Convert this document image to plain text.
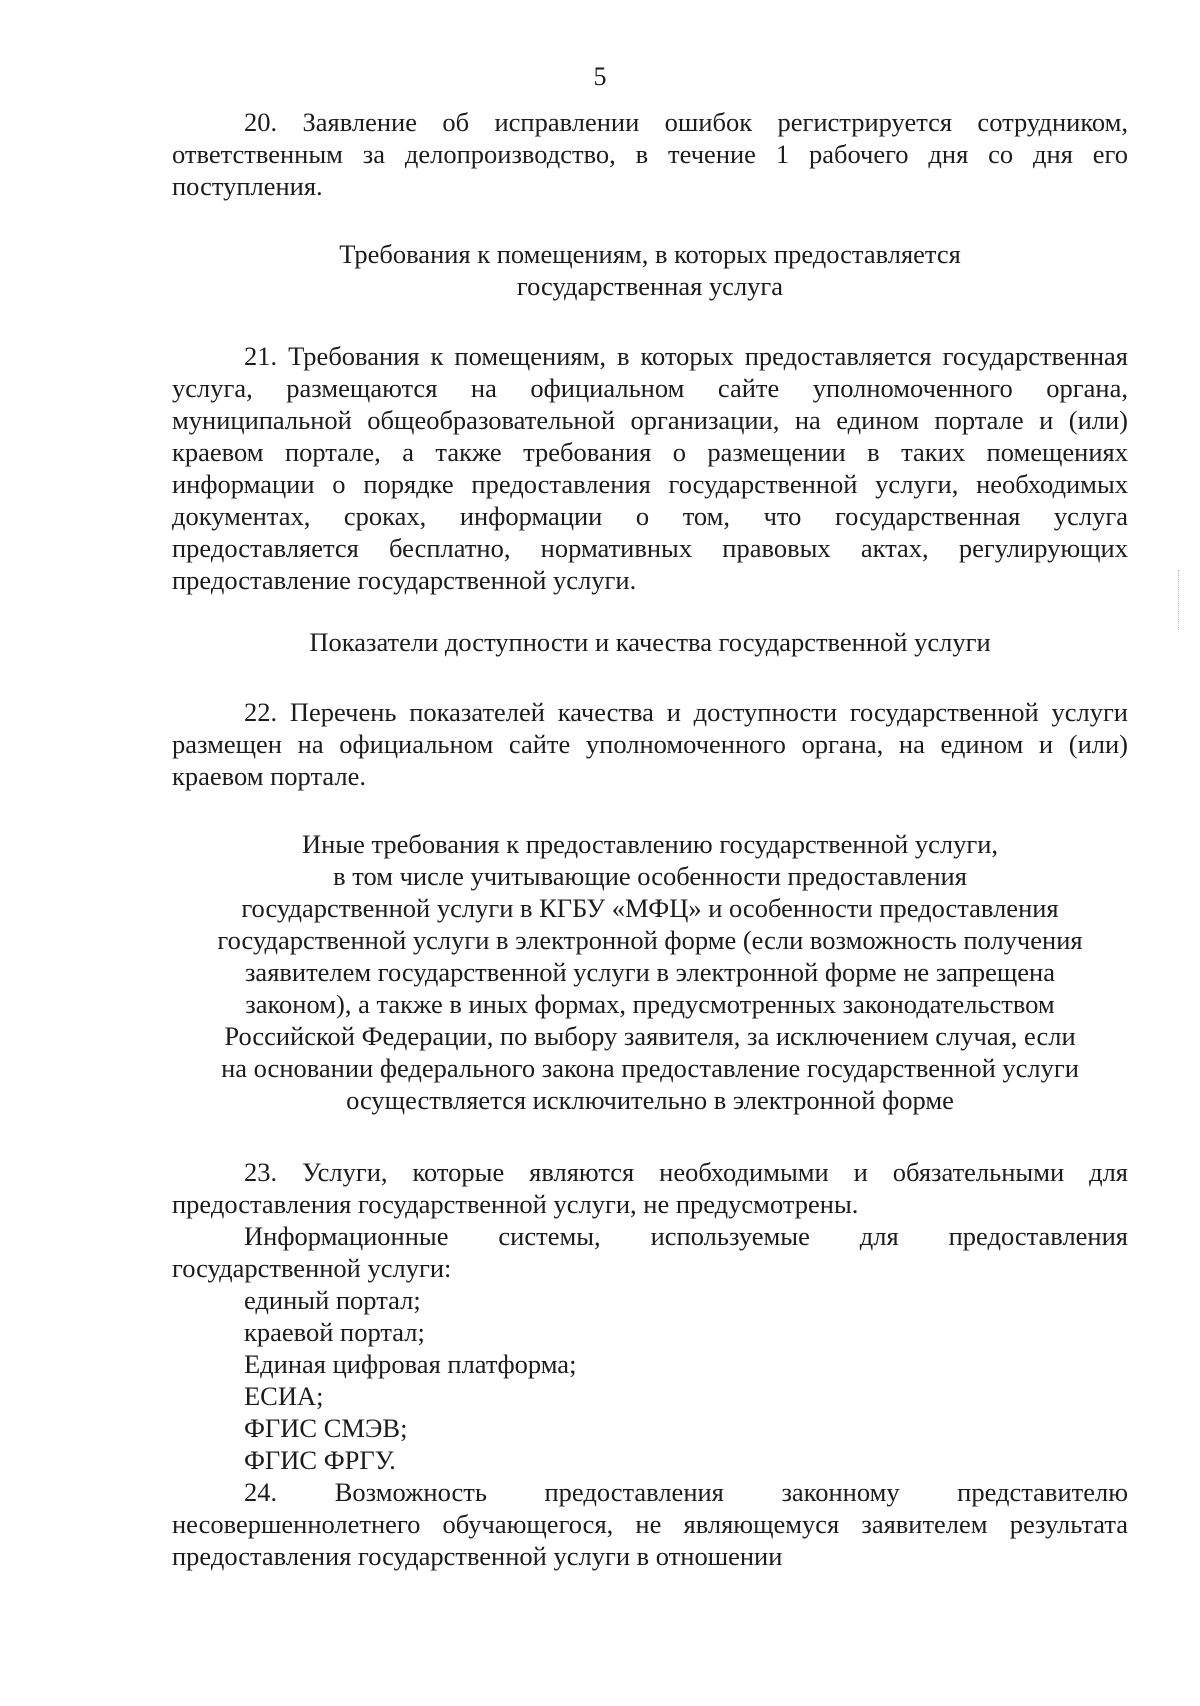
5

20. Заявление об исправлении ошибок регистрируется сотрудником, ответственным за делопроизводство, в течение 1 рабочего дня со дня его поступления.

Требования к помещениям, в которых предоставляется
государственная услуга

21. Требования к помещениям, в которых предоставляется государственная услуга, размещаются на официальном сайте уполномоченного органа, муниципальной общеобразовательной организации, на едином портале и (или) краевом портале, а также требования о размещении в таких помещениях информации о порядке предоставления государственной услуги, необходимых документах, сроках, информации о том, что государственная услуга предоставляется бесплатно, нормативных правовых актах, регулирующих предоставление государственной услуги.

Показатели доступности и качества государственной услуги

22. Перечень показателей качества и доступности государственной услуги размещен на официальном сайте уполномоченного органа, на едином и (или) краевом портале.

Иные требования к предоставлению государственной услуги,
в том числе учитывающие особенности предоставления
государственной услуги в КГБУ «МФЦ» и особенности предоставления
государственной услуги в электронной форме (если возможность получения
заявителем государственной услуги в электронной форме не запрещена
законом), а также в иных формах, предусмотренных законодательством
Российской Федерации, по выбору заявителя, за исключением случая, если
на основании федерального закона предоставление государственной услуги
осуществляется исключительно в электронной форме

23. Услуги, которые являются необходимыми и обязательными для предоставления государственной услуги, не предусмотрены.

Информационные системы, используемые для предоставления государственной услуги:

единый портал;
краевой портал;
Единая цифровая платформа;
ЕСИА;
ФГИС СМЭВ;
ФГИС ФРГУ.

24. Возможность предоставления законному представителю несовершеннолетнего обучающегося, не являющемуся заявителем результата предоставления государственной услуги в отношении
